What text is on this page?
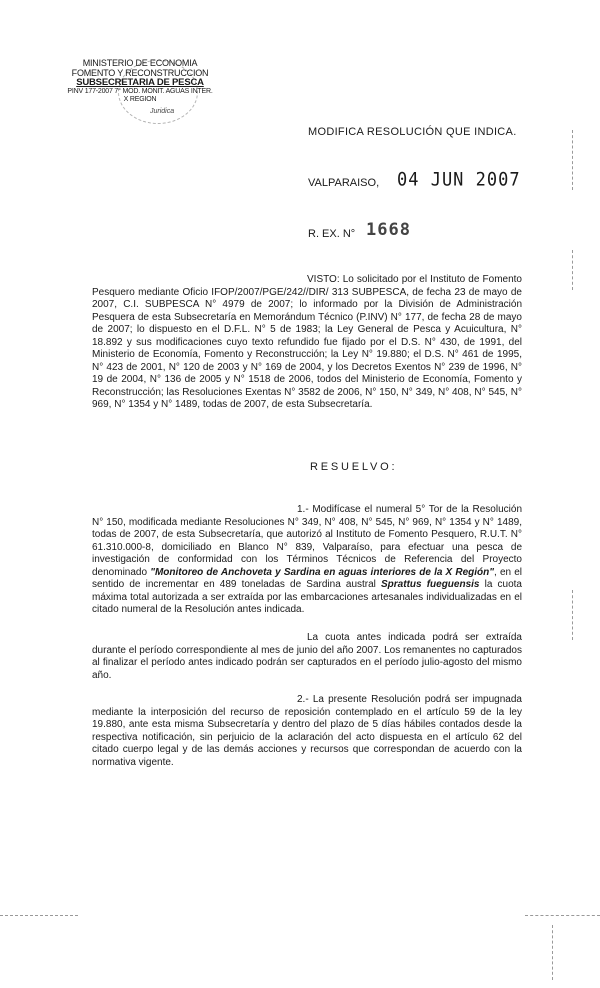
Juridica
MINISTERIO DE ECONOMIA
FOMENTO Y RECONSTRUCCION
SUBSECRETARIA DE PESCA
PINV 177-2007 7° MOD. MONIT. AGUAS INTER.
X REGION
MODIFICA RESOLUCIÓN QUE INDICA.
VALPARAISO, 04 JUN 2007
R. EX. N° 1668
VISTO: Lo solicitado por el Instituto de Fomento Pesquero mediante Oficio IFOP/2007/PGE/242//DIR/ 313 SUBPESCA, de fecha 23 de mayo de 2007, C.I. SUBPESCA N° 4979 de 2007; lo informado por la División de Administración Pesquera de esta Subsecretaría en Memorándum Técnico (P.INV) N° 177, de fecha 28 de mayo de 2007; lo dispuesto en el D.F.L. N° 5 de 1983; la Ley General de Pesca y Acuicultura, N° 18.892 y sus modificaciones cuyo texto refundido fue fijado por el D.S. N° 430, de 1991, del Ministerio de Economía, Fomento y Reconstrucción; la Ley N° 19.880; el D.S. N° 461 de 1995, N° 423 de 2001, N° 120 de 2003 y N° 169 de 2004, y los Decretos Exentos N° 239 de 1996, N° 19 de 2004, N° 136 de 2005 y N° 1518 de 2006, todos del Ministerio de Economía, Fomento y Reconstrucción; las Resoluciones Exentas N° 3582 de 2006, N° 150, N° 349, N° 408, N° 545, N° 969, N° 1354 y N° 1489, todas de 2007, de esta Subsecretaría.
RESUELVO:
1.- Modifícase el numeral 5° Tor de la Resolución N° 150, modificada mediante Resoluciones N° 349, N° 408, N° 545, N° 969, N° 1354 y N° 1489, todas de 2007, de esta Subsecretaría, que autorizó al Instituto de Fomento Pesquero, R.U.T. N° 61.310.000-8, domiciliado en Blanco N° 839, Valparaíso, para efectuar una pesca de investigación de conformidad con los Términos Técnicos de Referencia del Proyecto denominado "Monitoreo de Anchoveta y Sardina en aguas interiores de la X Región", en el sentido de incrementar en 489 toneladas de Sardina austral Sprattus fueguensis la cuota máxima total autorizada a ser extraída por las embarcaciones artesanales individualizadas en el citado numeral de la Resolución antes indicada.
La cuota antes indicada podrá ser extraída durante el período correspondiente al mes de junio del año 2007. Los remanentes no capturados al finalizar el período antes indicado podrán ser capturados en el período julio-agosto del mismo año.
2.- La presente Resolución podrá ser impugnada mediante la interposición del recurso de reposición contemplado en el artículo 59 de la ley 19.880, ante esta misma Subsecretaría y dentro del plazo de 5 días hábiles contados desde la respectiva notificación, sin perjuicio de la aclaración del acto dispuesta en el artículo 62 del citado cuerpo legal y de las demás acciones y recursos que correspondan de acuerdo con la normativa vigente.
